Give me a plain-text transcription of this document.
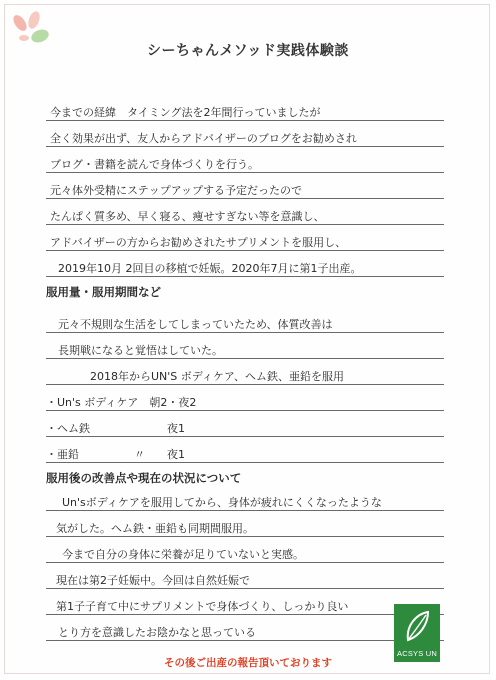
シーちゃんメソッド実践体験談
今までの経緯　タイミング法を2年間行っていましたが
全く効果が出ず、友人からアドバイザーのブログをお勧めされ
ブログ・書籍を読んで身体づくりを行う。
元々体外受精にステップアップする予定だったので
たんぱく質多め、早く寝る、痩せすぎない等を意識し、
アドバイザーの方からお勧めされたサプリメントを服用し、
2019年10月 2回目の移植で妊娠。2020年7月に第1子出産。
服用量・服用期間など
元々不規則な生活をしてしまっていたため、体質改善は
長期戦になると覚悟はしていた。
2018年からUN'S ボディケア、ヘム鉄、亜鉛を服用
・Un's ボディケア　朝2・夜2
・ヘム鉄　　　　　　　夜1
・亜鉛　　　　　〃　　夜1
服用後の改善点や現在の状況について
Un'sボディケアを服用してから、身体が疲れにくくなったような
気がした。ヘム鉄・亜鉛も同期間服用。
今まで自分の身体に栄養が足りていないと実感。
現在は第2子妊娠中。今回は自然妊娠で
第1子子育て中にサプリメントで身体づくり、しっかり良い
とり方を意識したお陰かなと思っている
ACSYS UN
その後ご出産の報告頂いております
